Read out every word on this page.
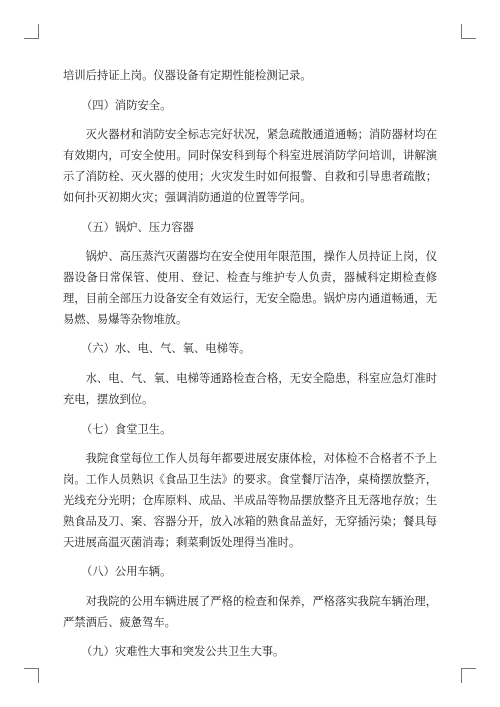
培训后持证上岗。仪器设备有定期性能检测记录。

（四）消防安全。

灭火器材和消防安全标志完好状况，紧急疏散通道通畅；消防器材均在有效期内，可安全使用。同时保安科到每个科室进展消防学问培训，讲解演示了消防栓、灭火器的使用；火灾发生时如何报警、自救和引导患者疏散；如何扑灭初期火灾；强调消防通道的位置等学问。

（五）锅炉、压力容器

锅炉、高压蒸汽灭菌器均在安全使用年限范围，操作人员持证上岗，仪器设备日常保管、使用、登记、检查与维护专人负责，器械科定期检查修理，目前全部压力设备安全有效运行，无安全隐患。锅炉房内通道畅通，无易燃、易爆等杂物堆放。

（六）水、电、气、氧、电梯等。

水、电、气、氧、电梯等通路检查合格，无安全隐患，科室应急灯准时充电，摆放到位。

（七）食堂卫生。

我院食堂每位工作人员每年都要进展安康体检，对体检不合格者不予上岗。工作人员熟识《食品卫生法》的要求。食堂餐厅洁净，桌椅摆放整齐，光线充分光明；仓库原料、成品、半成品等物品摆放整齐且无落地存放；生熟食品及刀、案、容器分开，放入冰箱的熟食品盖好，无穿插污染；餐具每天进展高温灭菌消毒；剩菜剩饭处理得当准时。

（八）公用车辆。

对我院的公用车辆进展了严格的检查和保养，严格落实我院车辆治理，严禁酒后、疲惫驾车。

（九）灾难性大事和突发公共卫生大事。
